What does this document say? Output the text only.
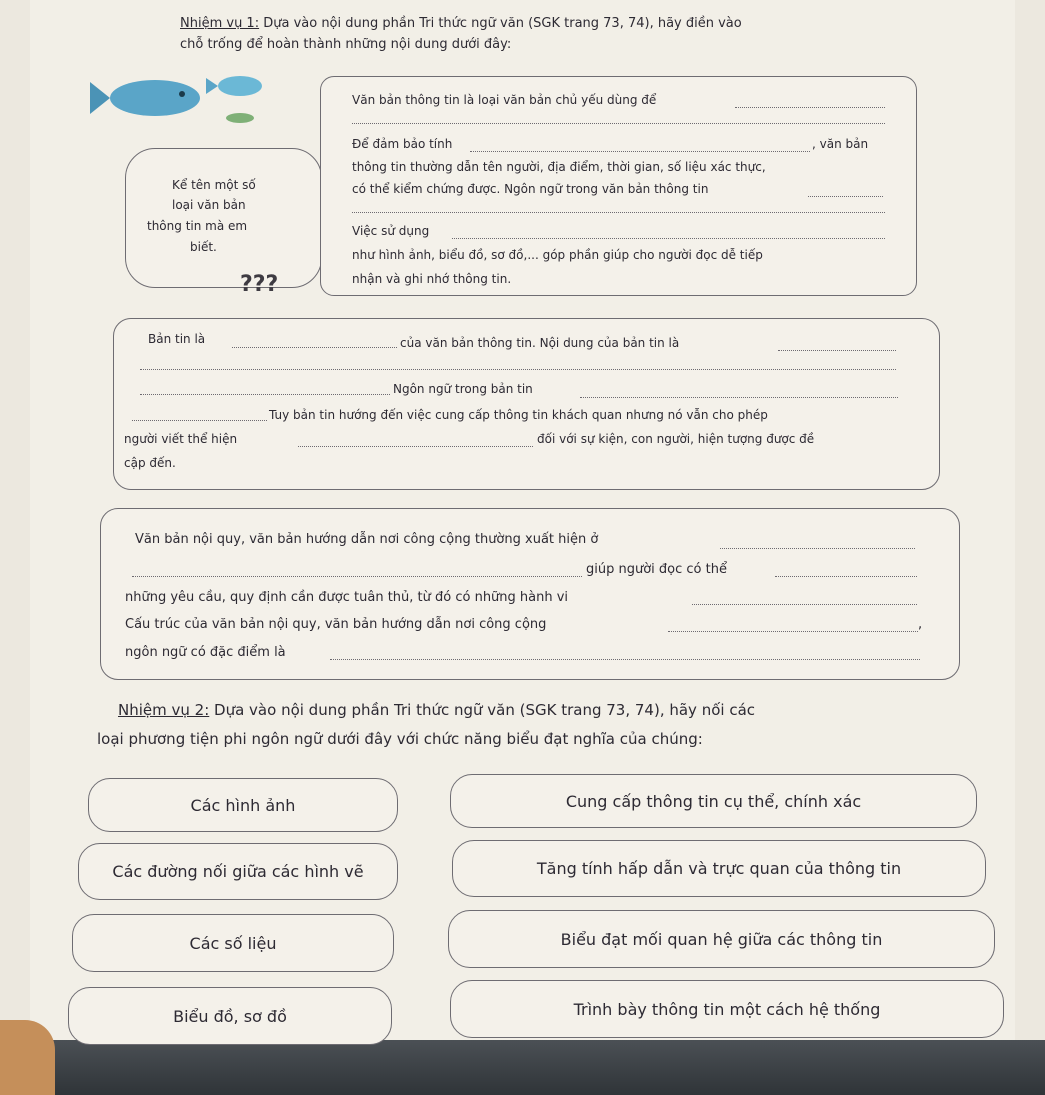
Nhiệm vụ 1: Dựa vào nội dung phần Tri thức ngữ văn (SGK trang 73, 74), hãy điền vào
chỗ trống để hoàn thành những nội dung dưới đây:
Kể tên một số
loại văn bản
thông tin mà em
biết.
???
Văn bản thông tin là loại văn bản chủ yếu dùng để
Để đảm bảo tính	, văn bản
thông tin thường dẫn tên người, địa điểm, thời gian, số liệu xác thực,
có thể kiểm chứng được. Ngôn ngữ trong văn bản thông tin
Việc sử dụng
như hình ảnh, biểu đồ, sơ đồ,... góp phần giúp cho người đọc dễ tiếp
nhận và ghi nhớ thông tin.
Bản tin là	của văn bản thông tin. Nội dung của bản tin là
Ngôn ngữ trong bản tin
Tuy bản tin hướng đến việc cung cấp thông tin khách quan nhưng nó vẫn cho phép
người viết thể hiện	đối với sự kiện, con người, hiện tượng được đề
cập đến.
Văn bản nội quy, văn bản hướng dẫn nơi công cộng thường xuất hiện ở
giúp người đọc có thể
những yêu cầu, quy định cần được tuân thủ, từ đó có những hành vi
Cấu trúc của văn bản nội quy, văn bản hướng dẫn nơi công cộng	,
ngôn ngữ có đặc điểm là
Nhiệm vụ 2: Dựa vào nội dung phần Tri thức ngữ văn (SGK trang 73, 74), hãy nối các
loại phương tiện phi ngôn ngữ dưới đây với chức năng biểu đạt nghĩa của chúng:
Các hình ảnh
Các đường nối giữa các hình vẽ
Các số liệu
Biểu đồ, sơ đồ
Cung cấp thông tin cụ thể, chính xác
Tăng tính hấp dẫn và trực quan của thông tin
Biểu đạt mối quan hệ giữa các thông tin
Trình bày thông tin một cách hệ thống
